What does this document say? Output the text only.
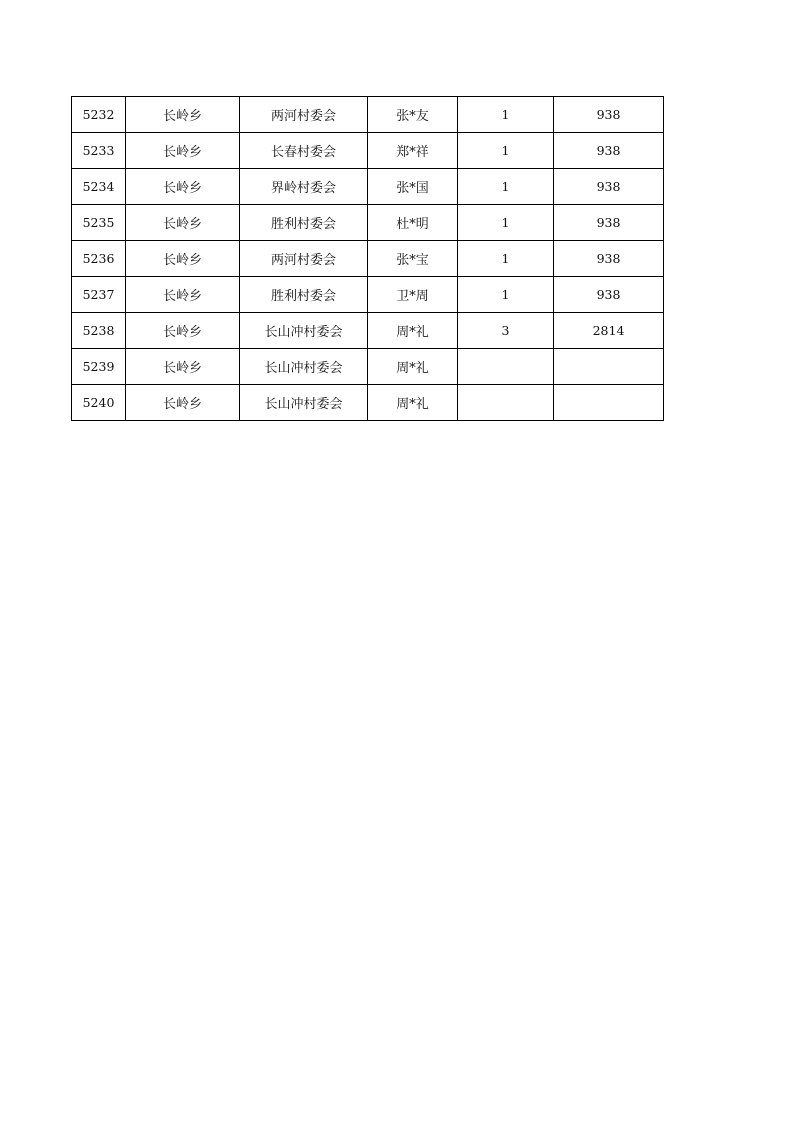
5232	长岭乡	两河村委会	张*友	1	938
5233	长岭乡	长春村委会	郑*祥	1	938
5234	长岭乡	界岭村委会	张*国	1	938
5235	长岭乡	胜利村委会	杜*明	1	938
5236	长岭乡	两河村委会	张*宝	1	938
5237	长岭乡	胜利村委会	卫*周	1	938
5238	长岭乡	长山冲村委会	周*礼	3	2814
5239	长岭乡	长山冲村委会	周*礼		
5240	长岭乡	长山冲村委会	周*礼		
